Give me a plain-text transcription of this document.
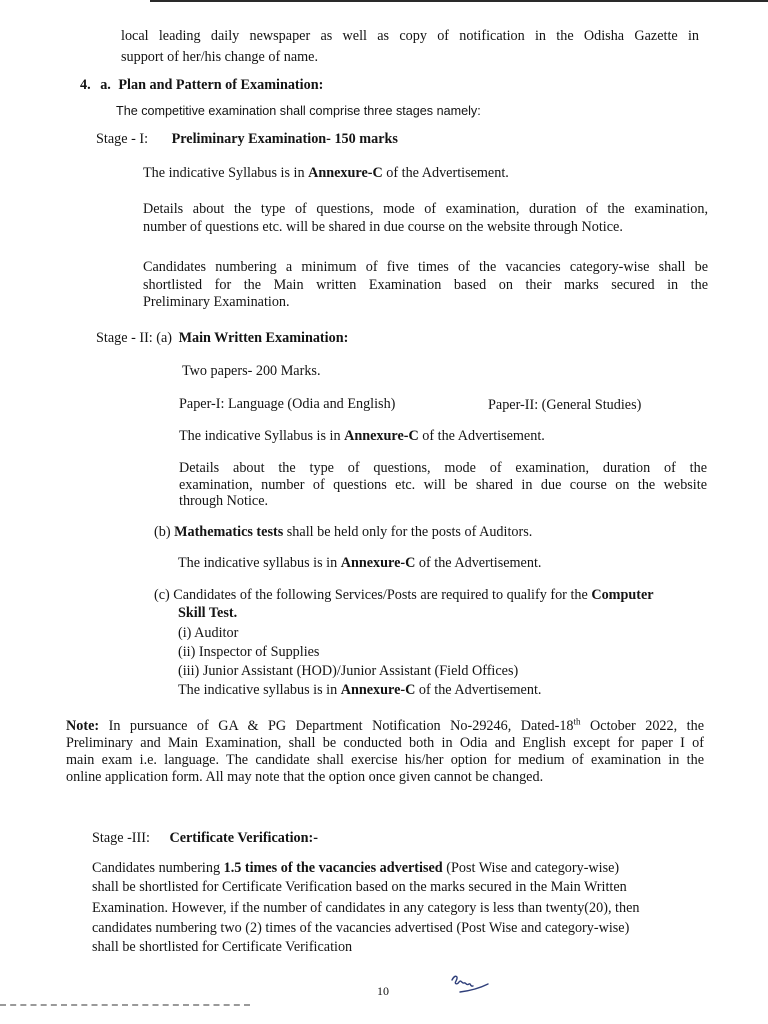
local leading daily newspaper as well as copy of notification in the Odisha Gazette in

support of her/his change of name.

4. a. Plan and Pattern of Examination:

The competitive examination shall comprise three stages namely:

Stage - I: Preliminary Examination- 150 marks

The indicative Syllabus is in Annexure-C of the Advertisement.

Details about the type of questions, mode of examination, duration of the examination,

number of questions etc. will be shared in due course on the website through Notice.

Candidates numbering a minimum of five times of the vacancies category-wise shall be

shortlisted for the Main written Examination based on their marks secured in the

Preliminary Examination.

Stage - II: (a) Main Written Examination:

Two papers- 200 Marks.

Paper-I: Language (Odia and English)	Paper-II: (General Studies)

The indicative Syllabus is in Annexure-C of the Advertisement.

Details about the type of questions, mode of examination, duration of the

examination, number of questions etc. will be shared in due course on the website

through Notice.

(b) Mathematics tests shall be held only for the posts of Auditors.

The indicative syllabus is in Annexure-C of the Advertisement.

(c) Candidates of the following Services/Posts are required to qualify for the Computer

Skill Test.

(i) Auditor

(ii) Inspector of Supplies

(iii) Junior Assistant (HOD)/Junior Assistant (Field Offices)

The indicative syllabus is in Annexure-C of the Advertisement.

Note: In pursuance of GA & PG Department Notification No-29246, Dated-18th October 2022, the

Preliminary and Main Examination, shall be conducted both in Odia and English except for paper I of

main exam i.e. language. The candidate shall exercise his/her option for medium of examination in the

online application form. All may note that the option once given cannot be changed.

Stage -III: Certificate Verification:-

Candidates numbering 1.5 times of the vacancies advertised (Post Wise and category-wise)

shall be shortlisted for Certificate Verification based on the marks secured in the Main Written

Examination. However, if the number of candidates in any category is less than twenty(20), then

candidates numbering two (2) times of the vacancies advertised (Post Wise and category-wise)

shall be shortlisted for Certificate Verification

10
